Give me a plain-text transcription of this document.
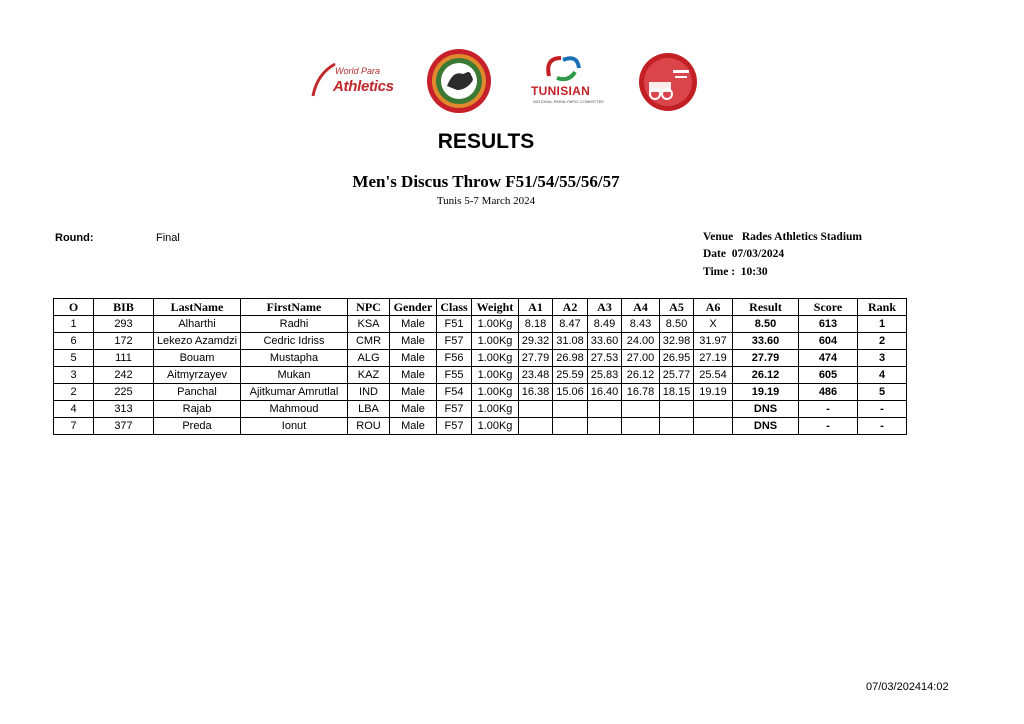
World Para
Athletics	TUNISIAN
NATIONAL PARALYMPIC COMMITTEE
RESULTS
Men's Discus Throw F51/54/55/56/57
Tunis 5-7 March 2024
Round:	Final	Venue   Rades Athletics Stadium
Date  07/03/2024
Time :  10:30
O	BIB	LastName	FirstName	NPC	Gender	Class	Weight	A1	A2	A3	A4	A5	A6	Result	Score	Rank
1	293	Alharthi	Radhi	KSA	Male	F51	1.00Kg	8.18	8.47	8.49	8.43	8.50	X	8.50	613	1
6	172	Lekezo Azamdzi	Cedric Idriss	CMR	Male	F57	1.00Kg	29.32	31.08	33.60	24.00	32.98	31.97	33.60	604	2
5	111	Bouam	Mustapha	ALG	Male	F56	1.00Kg	27.79	26.98	27.53	27.00	26.95	27.19	27.79	474	3
3	242	Aitmyrzayev	Mukan	KAZ	Male	F55	1.00Kg	23.48	25.59	25.83	26.12	25.77	25.54	26.12	605	4
2	225	Panchal	Ajitkumar Amrutlal	IND	Male	F54	1.00Kg	16.38	15.06	16.40	16.78	18.15	19.19	19.19	486	5
4	313	Rajab	Mahmoud	LBA	Male	F57	1.00Kg							DNS	-	-
7	377	Preda	Ionut	ROU	Male	F57	1.00Kg							DNS	-	-
07/03/202414:02
